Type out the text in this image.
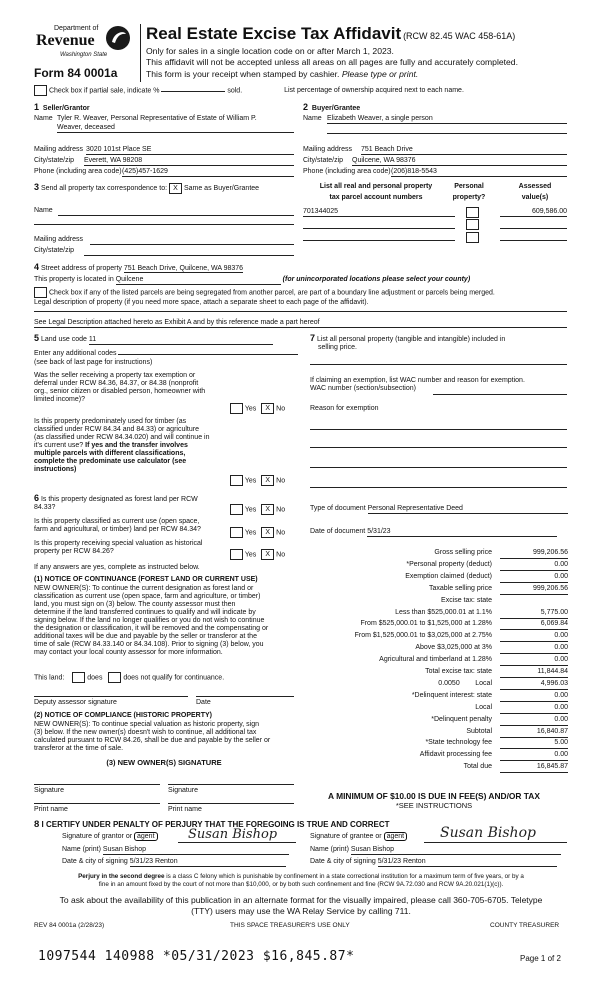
Department of
Revenue
Washington State
Form 84 0001a
Real Estate Excise Tax Affidavit (RCW 82.45 WAC 458-61A)
Only for sales in a single location code on or after March 1, 2023.
This affidavit will not be accepted unless all areas on all pages are fully and accurately completed.
This form is your receipt when stamped by cashier. Please type or print.
Check box if partial sale, indicate %	sold.	List percentage of ownership acquired next to each name.
1 Seller/Grantor
Name Tyler R. Weaver, Personal Representative of Estate of William P.
Weaver, deceased
Mailing address 3020 101st Place SE
City/state/zip Everett, WA 98208
Phone (including area code) (425)457-1629
2 Buyer/Grantee
Name Elizabeth Weaver, a single person
Mailing address 751 Beach Drive
City/state/zip Quilcene, WA 98376
Phone (including area code) (206)818-5543
3 Send all property tax correspondence to: X Same as Buyer/Grantee
Name
Mailing address
City/state/zip
List all real and personal property
tax parcel account numbers
Personal
property?
Assessed
value(s)
701344025	609,586.00
4 Street address of property 751 Beach Drive, Quilcene, WA 98376
This property is located in Quilcene	(for unincorporated locations please select your county)
Check box if any of the listed parcels are being segregated from another parcel, are part of a boundary line adjustment or parcels being merged.
Legal description of property (if you need more space, attach a separate sheet to each page of the affidavit).
See Legal Description attached hereto as Exhibit A and by this reference made a part hereof
5 Land use code 11
Enter any additional codes
(see back of last page for instructions)
Was the seller receiving a property tax exemption or
deferral under RCW 84.36, 84.37, or 84.38 (nonprofit
org., senior citizen or disabled person, homeowner with
limited income)?
Yes X No
Is this property predominately used for timber (as
classified under RCW 84.34 and 84.33) or agriculture
(as classified under RCW 84.34.020) and will continue in
it's current use? If yes and the transfer involves
multiple parcels with different classifications,
complete the predominate use calculator (see
instructions)
Yes X No
6 Is this property designated as forest land per RCW
84.33?	Yes X No
Is this property classified as current use (open space,
farm and agricultural, or timber) land per RCW 84.34?	Yes X No
Is this property receiving special valuation as historical
property per RCW 84.26?	Yes X No
If any answers are yes, complete as instructed below.
(1) NOTICE OF CONTINUANCE (FOREST LAND OR CURRENT USE)
NEW OWNER(S): To continue the current designation as forest land or
classification as current use (open space, farm and agriculture, or timber)
land, you must sign on (3) below. The county assessor must then
determine if the land transferred continues to qualify and will indicate by
signing below. If the land no longer qualifies or you do not wish to continue
the designation or classification, it will be removed and the compensating or
additional taxes will be due and payable by the seller or transferor at the
time of sale (RCW 84.33.140 or 84.34.108). Prior to signing (3) below, you
may contact your local county assessor for more information.
This land:	does	does not qualify for continuance.
Deputy assessor signature	Date
(2) NOTICE OF COMPLIANCE (HISTORIC PROPERTY)
NEW OWNER(S): To continue special valuation as historic property, sign
(3) below. If the new owner(s) doesn't wish to continue, all additional tax
calculated pursuant to RCW 84.26, shall be due and payable by the seller or
transferor at the time of sale.
(3) NEW OWNER(S) SIGNATURE
Signature	Signature
Print name	Print name
7 List all personal property (tangible and intangible) included in
selling price.
If claiming an exemption, list WAC number and reason for exemption.
WAC number (section/subsection)
Reason for exemption
Type of document Personal Representative Deed
Date of document 5/31/23
Gross selling price	999,206.56
*Personal property (deduct)	0.00
Exemption claimed (deduct)	0.00
Taxable selling price	999,206.56
Excise tax: state
Less than $525,000.01 at 1.1%	5,775.00
From $525,000.01 to $1,525,000 at 1.28%	6,069.84
From $1,525,000.01 to $3,025,000 at 2.75%	0.00
Above $3,025,000 at 3%	0.00
Agricultural and timberland at 1.28%	0.00
Total excise tax: state	11,844.84
0.0050        Local	4,996.03
*Delinquent interest: state	0.00
Local	0.00
*Delinquent penalty	0.00
Subtotal	16,840.87
*State technology fee	5.00
Affidavit processing fee	0.00
Total due	16,845.87
A MINIMUM OF $10.00 IS DUE IN FEE(S) AND/OR TAX
*SEE INSTRUCTIONS
8 I CERTIFY UNDER PENALTY OF PERJURY THAT THE FOREGOING IS TRUE AND CORRECT
Signature of grantor or agent	Susan Bishop	Signature of grantee or agent	Susan Bishop
Name (print) Susan Bishop	Name (print) Susan Bishop
Date & city of signing 5/31/23 Renton	Date & city of signing 5/31/23 Renton
Perjury in the second degree is a class C felony which is punishable by confinement in a state correctional institution for a maximum term of five years, or by a
fine in an amount fixed by the court of not more than $10,000, or by both such confinement and fine (RCW 9A.72.030 and RCW 9A.20.021(1)(c)).
To ask about the availability of this publication in an alternate format for the visually impaired, please call 360-705-6705. Teletype
(TTY) users may use the WA Relay Service by calling 711.
REV 84 0001a (2/28/23)	THIS SPACE TREASURER'S USE ONLY	COUNTY TREASURER
1097544 140988 *05/31/2023 $16,845.87*	Page 1 of 2
